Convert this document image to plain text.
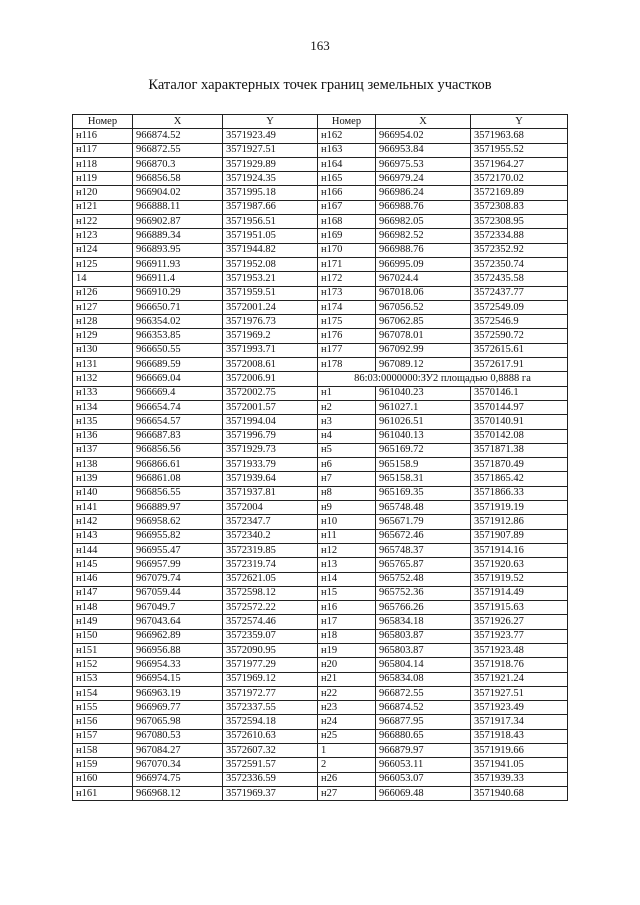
163
Каталог характерных точек границ земельных участков
Номер	X	Y	Номер	X	Y
н116	966874.52	3571923.49	н162	966954.02	3571963.68
н117	966872.55	3571927.51	н163	966953.84	3571955.52
н118	966870.3	3571929.89	н164	966975.53	3571964.27
н119	966856.58	3571924.35	н165	966979.24	3572170.02
н120	966904.02	3571995.18	н166	966986.24	3572169.89
н121	966888.11	3571987.66	н167	966988.76	3572308.83
н122	966902.87	3571956.51	н168	966982.05	3572308.95
н123	966889.34	3571951.05	н169	966982.52	3572334.88
н124	966893.95	3571944.82	н170	966988.76	3572352.92
н125	966911.93	3571952.08	н171	966995.09	3572350.74
14	966911.4	3571953.21	н172	967024.4	3572435.58
н126	966910.29	3571959.51	н173	967018.06	3572437.77
н127	966650.71	3572001.24	н174	967056.52	3572549.09
н128	966354.02	3571976.73	н175	967062.85	3572546.9
н129	966353.85	3571969.2	н176	967078.01	3572590.72
н130	966650.55	3571993.71	н177	967092.99	3572615.61
н131	966689.59	3572008.61	н178	967089.12	3572617.91
н132	966669.04	3572006.91	86:03:0000000:ЗУ2 площадью 0,8888 га		
н133	966669.4	3572002.75	н1	961040.23	3570146.1
н134	966654.74	3572001.57	н2	961027.1	3570144.97
н135	966654.57	3571994.04	н3	961026.51	3570140.91
н136	966687.83	3571996.79	н4	961040.13	3570142.08
н137	966856.56	3571929.73	н5	965169.72	3571871.38
н138	966866.61	3571933.79	н6	965158.9	3571870.49
н139	966861.08	3571939.64	н7	965158.31	3571865.42
н140	966856.55	3571937.81	н8	965169.35	3571866.33
н141	966889.97	3572004	н9	965748.48	3571919.19
н142	966958.62	3572347.7	н10	965671.79	3571912.86
н143	966955.82	3572340.2	н11	965672.46	3571907.89
н144	966955.47	3572319.85	н12	965748.37	3571914.16
н145	966957.99	3572319.74	н13	965765.87	3571920.63
н146	967079.74	3572621.05	н14	965752.48	3571919.52
н147	967059.44	3572598.12	н15	965752.36	3571914.49
н148	967049.7	3572572.22	н16	965766.26	3571915.63
н149	967043.64	3572574.46	н17	965834.18	3571926.27
н150	966962.89	3572359.07	н18	965803.87	3571923.77
н151	966956.88	3572090.95	н19	965803.87	3571923.48
н152	966954.33	3571977.29	н20	965804.14	3571918.76
н153	966954.15	3571969.12	н21	965834.08	3571921.24
н154	966963.19	3571972.77	н22	966872.55	3571927.51
н155	966969.77	3572337.55	н23	966874.52	3571923.49
н156	967065.98	3572594.18	н24	966877.95	3571917.34
н157	967080.53	3572610.63	н25	966880.65	3571918.43
н158	967084.27	3572607.32	1	966879.97	3571919.66
н159	967070.34	3572591.57	2	966053.11	3571941.05
н160	966974.75	3572336.59	н26	966053.07	3571939.33
н161	966968.12	3571969.37	н27	966069.48	3571940.68
